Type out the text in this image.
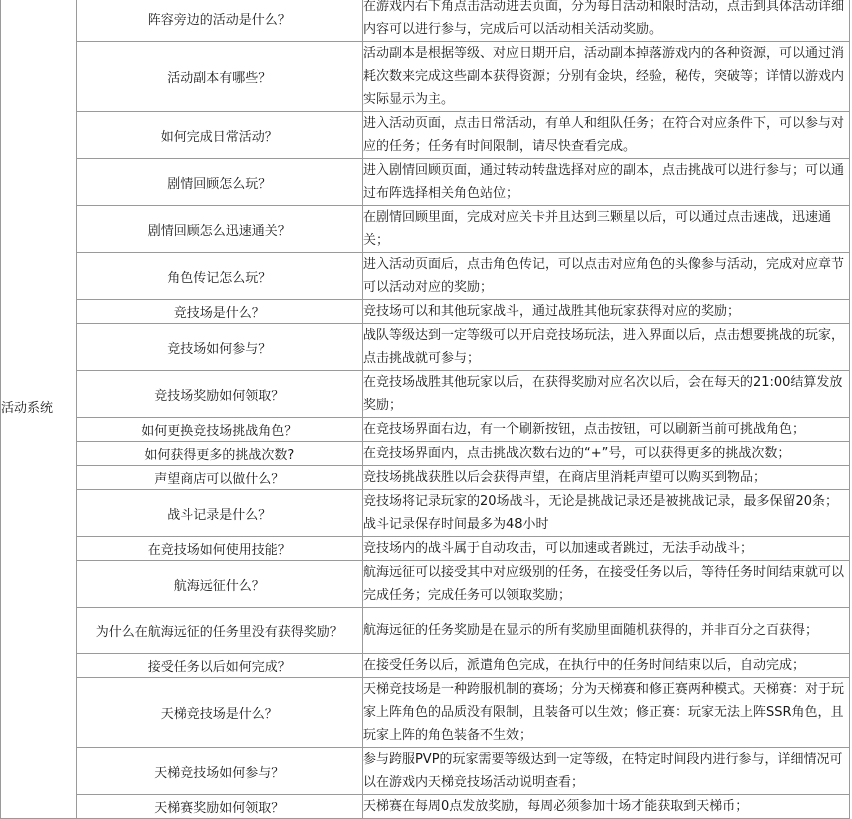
活动系统	阵容旁边的活动是什么？	在游戏内右下角点击活动进去页面，分为每日活动和限时活动，点击到具体活动详细内容可以进行参与，完成后可以活动相关活动奖励。
	活动副本有哪些？	活动副本是根据等级、对应日期开启，活动副本掉落游戏内的各种资源，可以通过消耗次数来完成这些副本获得资源；分别有金块，经验，秘传，突破等；详情以游戏内实际显示为主。
	如何完成日常活动？	进入活动页面，点击日常活动，有单人和组队任务；在符合对应条件下，可以参与对应的任务；任务有时间限制，请尽快查看完成。
	剧情回顾怎么玩？	进入剧情回顾页面，通过转动转盘选择对应的副本，点击挑战可以进行参与；可以通过布阵选择相关角色站位；
	剧情回顾怎么迅速通关？	在剧情回顾里面，完成对应关卡并且达到三颗星以后，可以通过点击速战，迅速通关；
	角色传记怎么玩？	进入活动页面后，点击角色传记，可以点击对应角色的头像参与活动，完成对应章节可以活动对应的奖励；
	竞技场是什么？	竞技场可以和其他玩家战斗，通过战胜其他玩家获得对应的奖励；
	竞技场如何参与？	战队等级达到一定等级可以开启竞技场玩法，进入界面以后，点击想要挑战的玩家，点击挑战就可参与；
	竞技场奖励如何领取？	在竞技场战胜其他玩家以后，在获得奖励对应名次以后，会在每天的21:00结算发放奖励；
	如何更换竞技场挑战角色？	在竞技场界面右边，有一个刷新按钮，点击按钮，可以刷新当前可挑战角色；
	如何获得更多的挑战次数?	在竞技场界面内，点击挑战次数右边的“+”号，可以获得更多的挑战次数；
	声望商店可以做什么？	竞技场挑战获胜以后会获得声望，在商店里消耗声望可以购买到物品；
	战斗记录是什么？	竞技场将记录玩家的20场战斗，无论是挑战记录还是被挑战记录，最多保留20条；战斗记录保存时间最多为48小时
	在竞技场如何使用技能？	竞技场内的战斗属于自动攻击，可以加速或者跳过，无法手动战斗；
	航海远征什么？	航海远征可以接受其中对应级别的任务，在接受任务以后，等待任务时间结束就可以完成任务；完成任务可以领取奖励；
	为什么在航海远征的任务里没有获得奖励？	航海远征的任务奖励是在显示的所有奖励里面随机获得的，并非百分之百获得；
	接受任务以后如何完成？	在接受任务以后，派遣角色完成，在执行中的任务时间结束以后，自动完成；
	天梯竞技场是什么？	天梯竞技场是一种跨服机制的赛场；分为天梯赛和修正赛两种模式。天梯赛：对于玩家上阵角色的品质没有限制，且装备可以生效；修正赛：玩家无法上阵SSR角色，且玩家上阵的角色装备不生效；
	天梯竞技场如何参与？	参与跨服PVP的玩家需要等级达到一定等级，在特定时间段内进行参与，详细情况可以在游戏内天梯竞技场活动说明查看；
	天梯赛奖励如何领取？	天梯赛在每周0点发放奖励，每周必须参加十场才能获取到天梯币；
